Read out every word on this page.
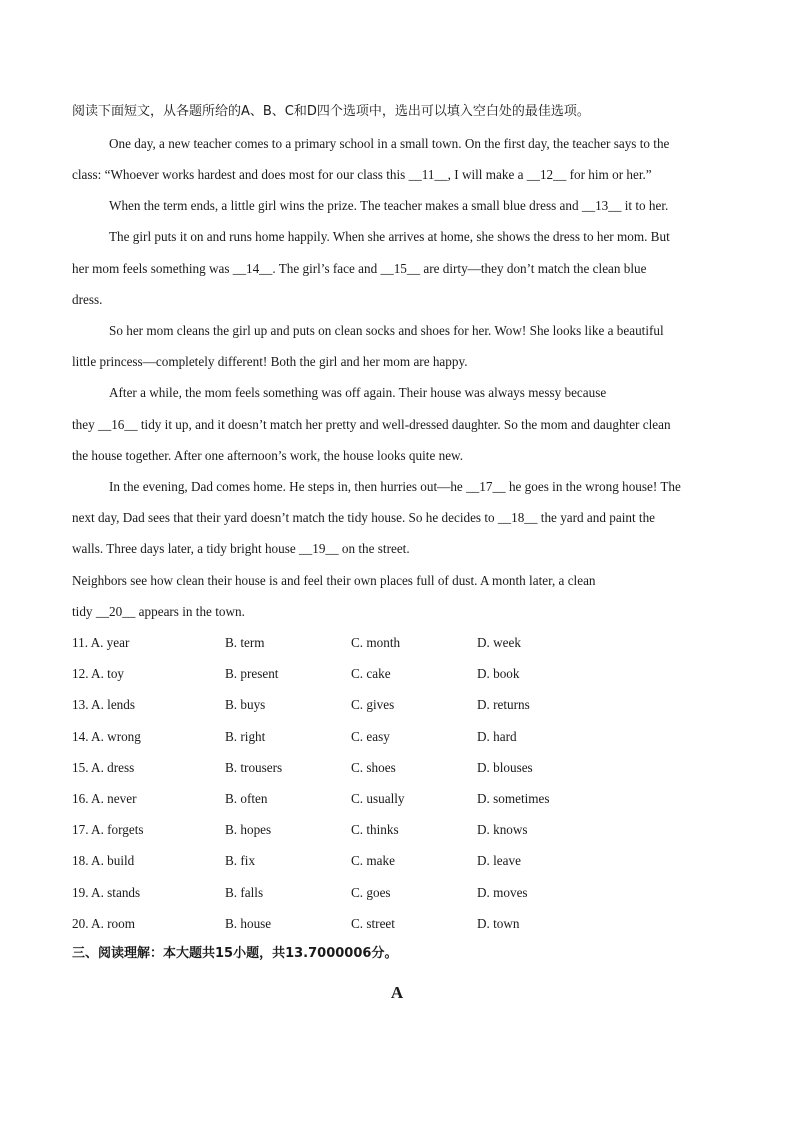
阅读下面短文，从各题所给的A、B、C和D四个选项中，选出可以填入空白处的最佳选项。
One day, a new teacher comes to a primary school in a small town. On the first day, the teacher says to the
class: “Whoever works hardest and does most for our class this __11__, I will make a __12__ for him or her.”
When the term ends, a little girl wins the prize. The teacher makes a small blue dress and __13__ it to her.
The girl puts it on and runs home happily. When she arrives at home, she shows the dress to her mom. But
her mom feels something was __14__. The girl’s face and __15__ are dirty—they don’t match the clean blue
dress.
So her mom cleans the girl up and puts on clean socks and shoes for her. Wow! She looks like a beautiful
little princess—completely different! Both the girl and her mom are happy.
After a while, the mom feels something was off again. Their house was always messy because
they __16__ tidy it up, and it doesn’t match her pretty and well-dressed daughter. So the mom and daughter clean
the house together. After one afternoon’s work, the house looks quite new.
In the evening, Dad comes home. He steps in, then hurries out—he __17__ he goes in the wrong house! The
next day, Dad sees that their yard doesn’t match the tidy house. So he decides to __18__ the yard and paint the
walls. Three days later, a tidy bright house __19__ on the street.
Neighbors see how clean their house is and feel their own places full of dust. A month later, a clean
tidy __20__ appears in the town.
11. A. year	B. term	C. month	D. week
12. A. toy	B. present	C. cake	D. book
13. A. lends	B. buys	C. gives	D. returns
14. A. wrong	B. right	C. easy	D. hard
15. A. dress	B. trousers	C. shoes	D. blouses
16. A. never	B. often	C. usually	D. sometimes
17. A. forgets	B. hopes	C. thinks	D. knows
18. A. build	B. fix	C. make	D. leave
19. A. stands	B. falls	C. goes	D. moves
20. A. room	B. house	C. street	D. town
三、阅读理解：本大题共15小题，共13.7000006分。
A
